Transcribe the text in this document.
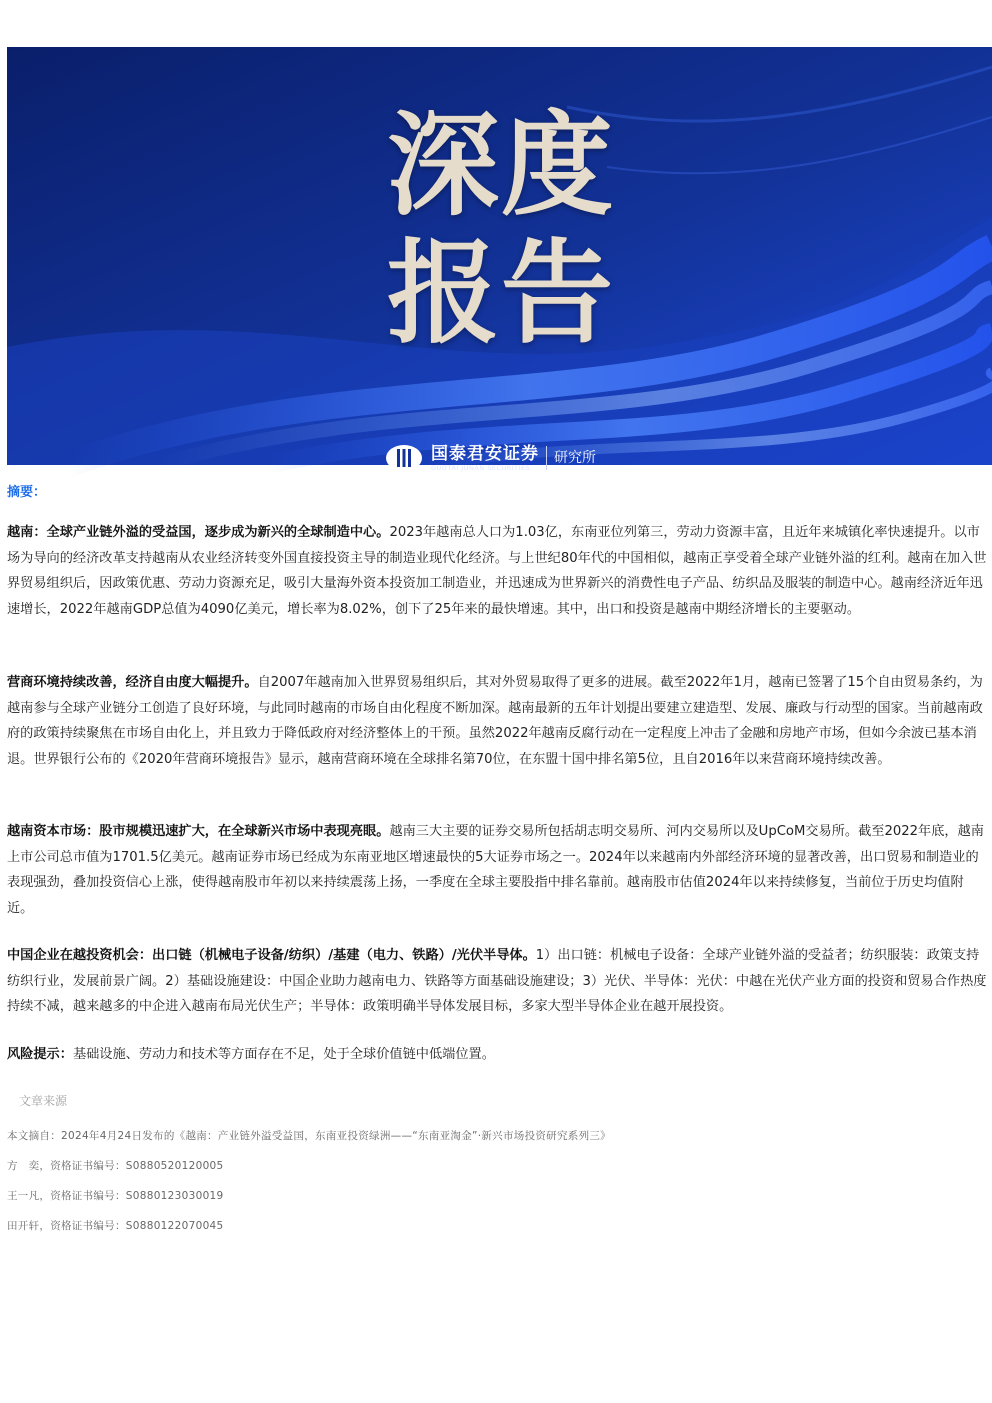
深度
报告
国泰君安证券
GUOTAI JUNAN SECURITIES
研究所
摘要：

越南：全球产业链外溢的受益国，逐步成为新兴的全球制造中心。2023年越南总人口为1.03亿，东南亚位列第三，劳动力资源丰富，且近年来城镇化率快速提升。以市场为导向的经济改革支持越南从农业经济转变外国直接投资主导的制造业现代化经济。与上世纪80年代的中国相似，越南正享受着全球产业链外溢的红利。越南在加入世界贸易组织后，因政策优惠、劳动力资源充足，吸引大量海外资本投资加工制造业，并迅速成为世界新兴的消费性电子产品、纺织品及服装的制造中心。越南经济近年迅速增长，2022年越南GDP总值为4090亿美元，增长率为8.02%，创下了25年来的最快增速。其中，出口和投资是越南中期经济增长的主要驱动。

营商环境持续改善，经济自由度大幅提升。自2007年越南加入世界贸易组织后，其对外贸易取得了更多的进展。截至2022年1月，越南已签署了15个自由贸易条约，为越南参与全球产业链分工创造了良好环境，与此同时越南的市场自由化程度不断加深。越南最新的五年计划提出要建立建造型、发展、廉政与行动型的国家。当前越南政府的政策持续聚焦在市场自由化上，并且致力于降低政府对经济整体上的干预。虽然2022年越南反腐行动在一定程度上冲击了金融和房地产市场，但如今余波已基本消退。世界银行公布的《2020年营商环境报告》显示，越南营商环境在全球排名第70位，在东盟十国中排名第5位，且自2016年以来营商环境持续改善。

越南资本市场：股市规模迅速扩大，在全球新兴市场中表现亮眼。越南三大主要的证券交易所包括胡志明交易所、河内交易所以及UpCoM交易所。截至2022年底，越南上市公司总市值为1701.5亿美元。越南证券市场已经成为东南亚地区增速最快的5大证券市场之一。2024年以来越南内外部经济环境的显著改善，出口贸易和制造业的表现强劲，叠加投资信心上涨，使得越南股市年初以来持续震荡上扬，一季度在全球主要股指中排名靠前。越南股市估值2024年以来持续修复，当前位于历史均值附近。

中国企业在越投资机会：出口链（机械电子设备/纺织）/基建（电力、铁路）/光伏半导体。1）出口链：机械电子设备：全球产业链外溢的受益者；纺织服装：政策支持纺织行业，发展前景广阔。2）基础设施建设：中国企业助力越南电力、铁路等方面基础设施建设；3）光伏、半导体：光伏：中越在光伏产业方面的投资和贸易合作热度持续不减，越来越多的中企进入越南布局光伏生产；半导体：政策明确半导体发展目标，多家大型半导体企业在越开展投资。

风险提示：基础设施、劳动力和技术等方面存在不足，处于全球价值链中低端位置。

文章来源
本文摘自：2024年4月24日发布的《越南：产业链外溢受益国，东南亚投资绿洲——“东南亚淘金”·新兴市场投资研究系列三》
方　奕，资格证书编号：S0880520120005
王一凡，资格证书编号：S0880123030019
田开轩，资格证书编号：S0880122070045
